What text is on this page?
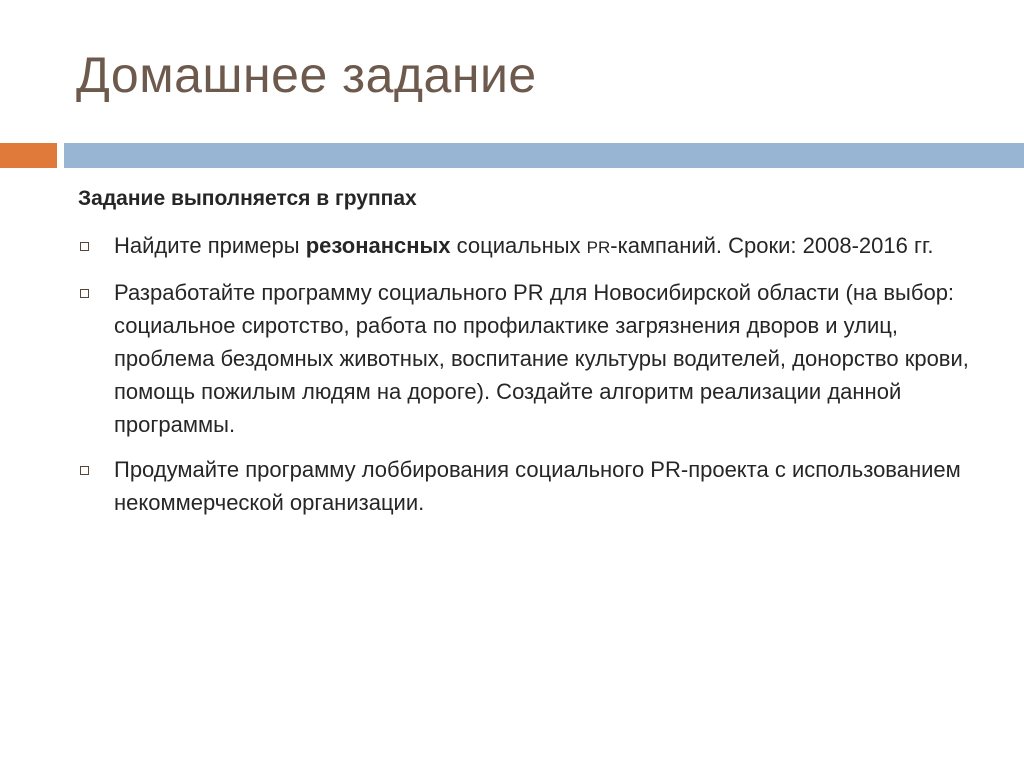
Домашнее задание
Задание выполняется в группах
Найдите примеры резонансных социальных PR-кампаний. Сроки: 2008-2016 гг.
Разработайте программу социального PR для Новосибирской области (на выбор: социальное сиротство, работа по профилактике загрязнения дворов и улиц, проблема бездомных животных, воспитание культуры водителей, донорство крови, помощь пожилым людям на дороге). Создайте алгоритм реализации данной программы.
Продумайте программу лоббирования социального PR-проекта с использованием некоммерческой организации.
